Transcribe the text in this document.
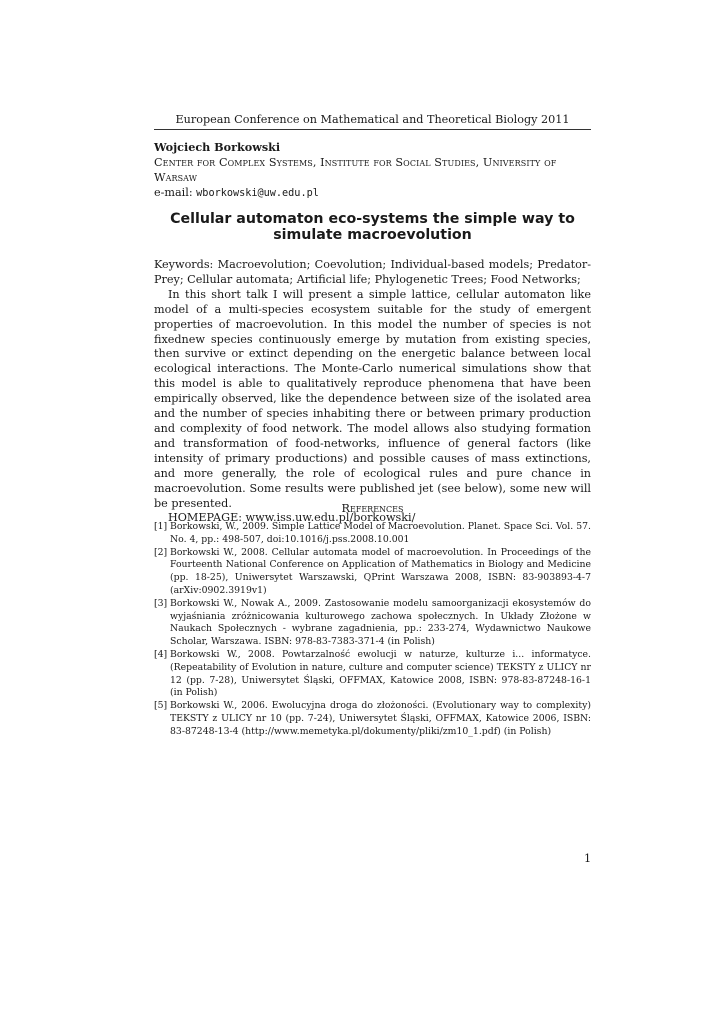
European Conference on Mathematical and Theoretical Biology 2011
Wojciech Borkowski
Center for Complex Systems, Institute for Social Studies, University of Warsaw
e-mail: wborkowski@uw.edu.pl
Cellular automaton eco-systems the simple way to simulate macroevolution

Keywords: Macroevolution; Coevolution; Individual-based models; Predator-Prey; Cellular automata; Artificial life; Phylogenetic Trees; Food Networks;

In this short talk I will present a simple lattice, cellular automaton like model of a multi-species ecosystem suitable for the study of emergent properties of macroevolution. In this model the number of species is not fixednew species continuously emerge by mutation from existing species, then survive or extinct depending on the energetic balance between local ecological interactions. The Monte-Carlo numerical simulations show that this model is able to qualitatively reproduce phenomena that have been empirically observed, like the dependence between size of the isolated area and the number of species inhabiting there or between primary production and complexity of food network. The model allows also studying formation and transformation of food-networks, influence of general factors (like intensity of primary productions) and possible causes of mass extinctions, and more generally, the role of ecological rules and pure chance in macroevolution. Some results were published jet (see below), some new will be presented.

HOMEPAGE: www.iss.uw.edu.pl/borkowski/

References
[1] Borkowski, W., 2009. Simple Lattice Model of Macroevolution. Planet. Space Sci. Vol. 57. No. 4, pp.: 498-507, doi:10.1016/j.pss.2008.10.001
[2] Borkowski W., 2008. Cellular automata model of macroevolution. In Proceedings of the Fourteenth National Conference on Application of Mathematics in Biology and Medicine (pp. 18-25), Uniwersytet Warszawski, QPrint Warszawa 2008, ISBN: 83-903893-4-7 (arXiv:0902.3919v1)
[3] Borkowski W., Nowak A., 2009. Zastosowanie modelu samoorganizacji ekosystemów do wyjaśniania zróżnicowania kulturowego zachowa społecznych. In Układy Złożone w Naukach Społecznych - wybrane zagadnienia, pp.: 233-274, Wydawnictwo Naukowe Scholar, Warszawa. ISBN: 978-83-7383-371-4 (in Polish)
[4] Borkowski W., 2008. Powtarzalność ewolucji w naturze, kulturze i... informatyce. (Repeatability of Evolution in nature, culture and computer science) TEKSTY z ULICY nr 12 (pp. 7-28), Uniwersytet Śląski, OFFMAX, Katowice 2008, ISBN: 978-83-87248-16-1 (in Polish)
[5] Borkowski W., 2006. Ewolucyjna droga do złożoności. (Evolutionary way to complexity) TEKSTY z ULICY nr 10 (pp. 7-24), Uniwersytet Śląski, OFFMAX, Katowice 2006, ISBN: 83-87248-13-4 (http://www.memetyka.pl/dokumenty/pliki/zm10_1.pdf) (in Polish)
1
